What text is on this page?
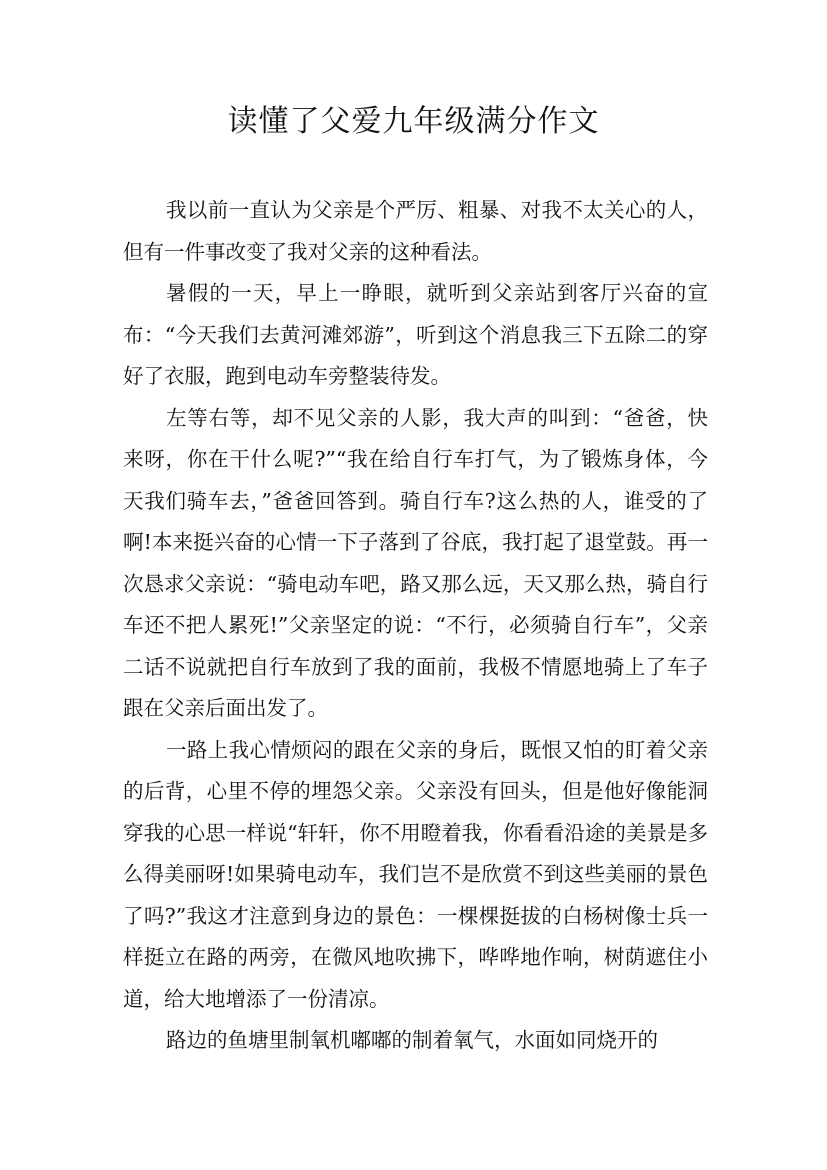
读懂了父爱九年级满分作文

我以前一直认为父亲是个严厉、粗暴、对我不太关心的人，但有一件事改变了我对父亲的这种看法。

暑假的一天，早上一睁眼，就听到父亲站到客厅兴奋的宣布：“今天我们去黄河滩郊游”，听到这个消息我三下五除二的穿好了衣服，跑到电动车旁整装待发。

左等右等，却不见父亲的人影，我大声的叫到：“爸爸，快来呀，你在干什么呢?”“我在给自行车打气，为了锻炼身体，今天我们骑车去，”爸爸回答到。骑自行车?这么热的人，谁受的了啊!本来挺兴奋的心情一下子落到了谷底，我打起了退堂鼓。再一次恳求父亲说：“骑电动车吧，路又那么远，天又那么热，骑自行车还不把人累死!”父亲坚定的说：“不行，必须骑自行车”，父亲二话不说就把自行车放到了我的面前，我极不情愿地骑上了车子跟在父亲后面出发了。

一路上我心情烦闷的跟在父亲的身后，既恨又怕的盯着父亲的后背，心里不停的埋怨父亲。父亲没有回头，但是他好像能洞穿我的心思一样说“轩轩，你不用瞪着我，你看看沿途的美景是多么得美丽呀!如果骑电动车，我们岂不是欣赏不到这些美丽的景色了吗?”我这才注意到身边的景色：一棵棵挺拔的白杨树像士兵一样挺立在路的两旁，在微风地吹拂下，哗哗地作响，树荫遮住小道，给大地增添了一份清凉。

路边的鱼塘里制氧机嘟嘟的制着氧气，水面如同烧开的
